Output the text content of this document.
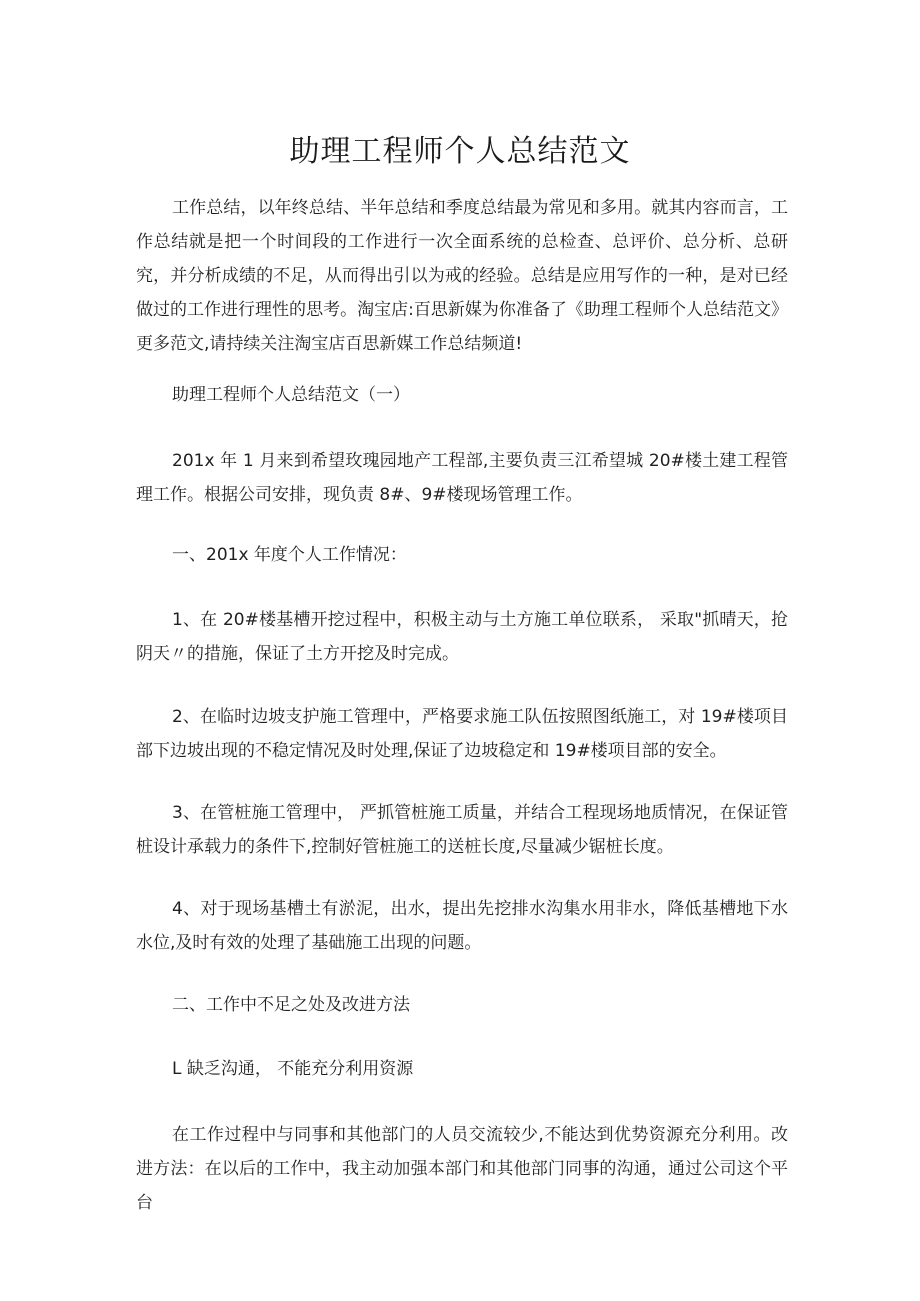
助理工程师个人总结范文

工作总结，以年终总结、半年总结和季度总结最为常见和多用。就其内容而言，工作总结就是把一个时间段的工作进行一次全面系统的总检查、总评价、总分析、总研究，并分析成绩的不足，从而得出引以为戒的经验。总结是应用写作的一种，是对已经做过的工作进行理性的思考。淘宝店:百思新媒为你准备了《助理工程师个人总结范文》更多范文,请持续关注淘宝店百思新媒工作总结频道!

助理工程师个人总结范文（一）

201x 年 1 月来到希望玫瑰园地产工程部,主要负责三江希望城 20#楼土建工程管理工作。根据公司安排，现负责 8#、9#楼现场管理工作。

一、201x 年度个人工作情况：

1、在 20#楼基槽开挖过程中，积极主动与土方施工单位联系， 采取"抓晴天，抢阴天〃的措施，保证了土方开挖及时完成。

2、在临时边坡支护施工管理中，严格要求施工队伍按照图纸施工，对 19#楼项目部下边坡出现的不稳定情况及时处理,保证了边坡稳定和 19#楼项目部的安全。

3、在管桩施工管理中， 严抓管桩施工质量，并结合工程现场地质情况，在保证管桩设计承载力的条件下,控制好管桩施工的送桩长度,尽量减少锯桩长度。

4、对于现场基槽土有淤泥，出水，提出先挖排水沟集水用非水，降低基槽地下水水位,及时有效的处理了基础施工出现的问题。

二、工作中不足之处及改进方法

L 缺乏沟通， 不能充分利用资源

在工作过程中与同事和其他部门的人员交流较少,不能达到优势资源充分利用。改进方法：在以后的工作中，我主动加强本部门和其他部门同事的沟通，通过公司这个平台
